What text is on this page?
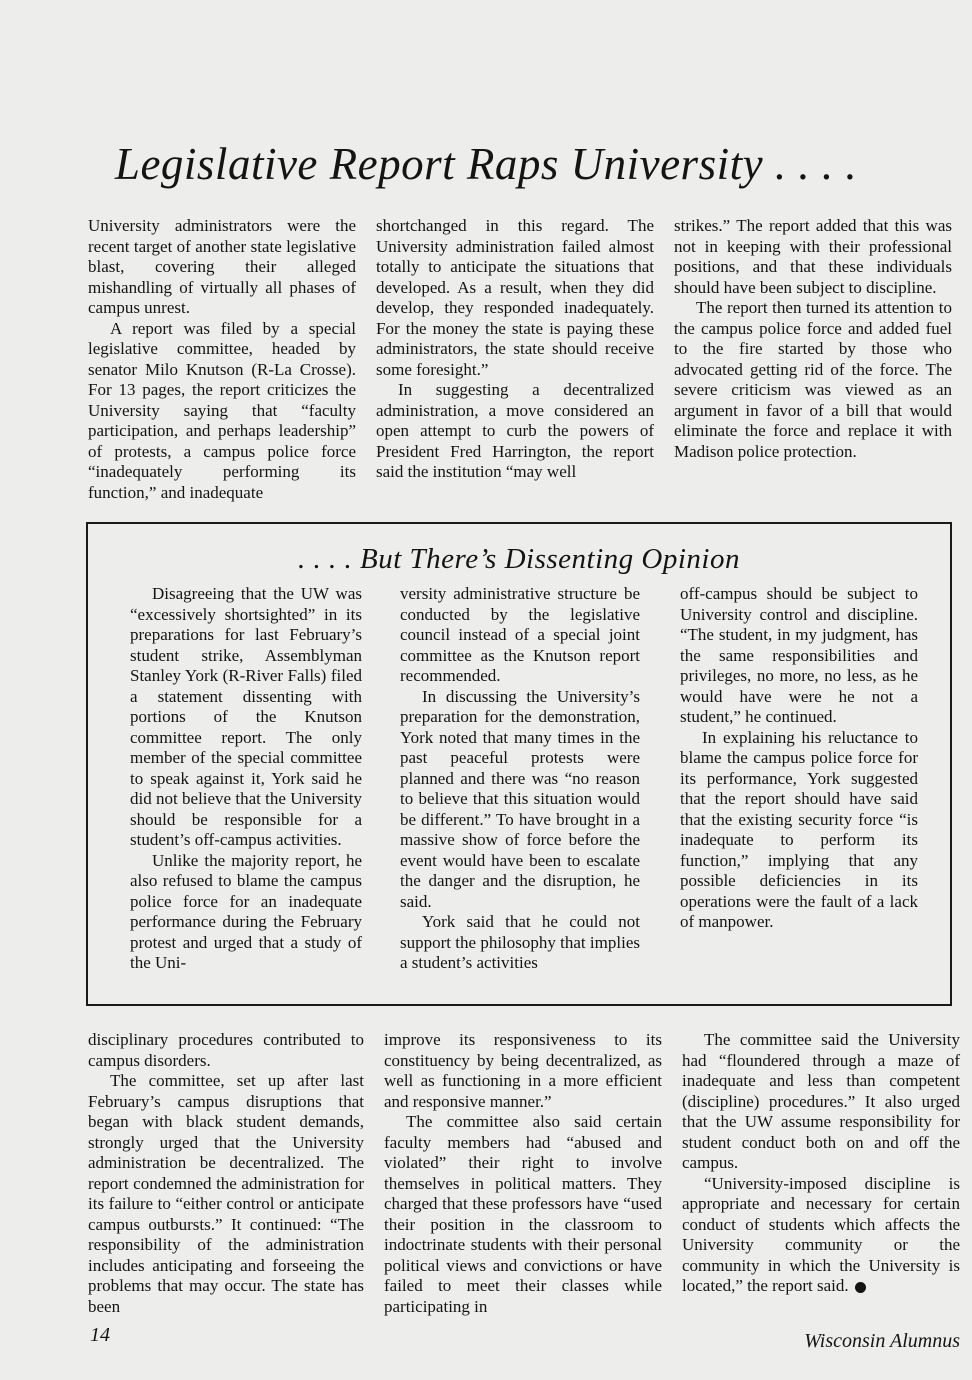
Legislative Report Raps University . . . .

University administrators were the recent target of another state legislative blast, covering their alleged mishandling of virtually all phases of campus unrest.

A report was filed by a special legislative committee, headed by senator Milo Knutson (R-La Crosse). For 13 pages, the report criticizes the University saying that “faculty participation, and perhaps leadership” of protests, a campus police force “inadequately performing its function,” and inadequate

shortchanged in this regard. The University administration failed almost totally to anticipate the situations that developed. As a result, when they did develop, they responded inadequately. For the money the state is paying these administrators, the state should receive some foresight.”

In suggesting a decentralized administration, a move considered an open attempt to curb the powers of President Fred Harrington, the report said the institution “may well

strikes.” The report added that this was not in keeping with their professional positions, and that these individuals should have been subject to discipline.

The report then turned its attention to the campus police force and added fuel to the fire started by those who advocated getting rid of the force. The severe criticism was viewed as an argument in favor of a bill that would eliminate the force and replace it with Madison police protection.

. . . . But There’s Dissenting Opinion

Disagreeing that the UW was “excessively shortsighted” in its preparations for last February’s student strike, Assemblyman Stanley York (R-River Falls) filed a statement dissenting with portions of the Knutson committee report. The only member of the special committee to speak against it, York said he did not believe that the University should be responsible for a student’s off-campus activities.

Unlike the majority report, he also refused to blame the campus police force for an inadequate performance during the February protest and urged that a study of the Uni-

versity administrative structure be conducted by the legislative council instead of a special joint committee as the Knutson report recommended.

In discussing the University’s preparation for the demonstration, York noted that many times in the past peaceful protests were planned and there was “no reason to believe that this situation would be different.” To have brought in a massive show of force before the event would have been to escalate the danger and the disruption, he said.

York said that he could not support the philosophy that implies a student’s activities

off-campus should be subject to University control and discipline. “The student, in my judgment, has the same responsibilities and privileges, no more, no less, as he would have were he not a student,” he continued.

In explaining his reluctance to blame the campus police force for its performance, York suggested that the report should have said that the existing security force “is inadequate to perform its function,” implying that any possible deficiencies in its operations were the fault of a lack of manpower.

disciplinary procedures contributed to campus disorders.

The committee, set up after last February’s campus disruptions that began with black student demands, strongly urged that the University administration be decentralized. The report condemned the administration for its failure to “either control or anticipate campus outbursts.” It continued: “The responsibility of the administration includes anticipating and forseeing the problems that may occur. The state has been

improve its responsiveness to its constituency by being decentralized, as well as functioning in a more efficient and responsive manner.”

The committee also said certain faculty members had “abused and violated” their right to involve themselves in political matters. They charged that these professors have “used their position in the classroom to indoctrinate students with their personal political views and convictions or have failed to meet their classes while participating in

The committee said the University had “floundered through a maze of inadequate and less than competent (discipline) procedures.” It also urged that the UW assume responsibility for student conduct both on and off the campus.

“University-imposed discipline is appropriate and necessary for certain conduct of students which affects the University community or the community in which the University is located,” the report said.

14	Wisconsin Alumnus
